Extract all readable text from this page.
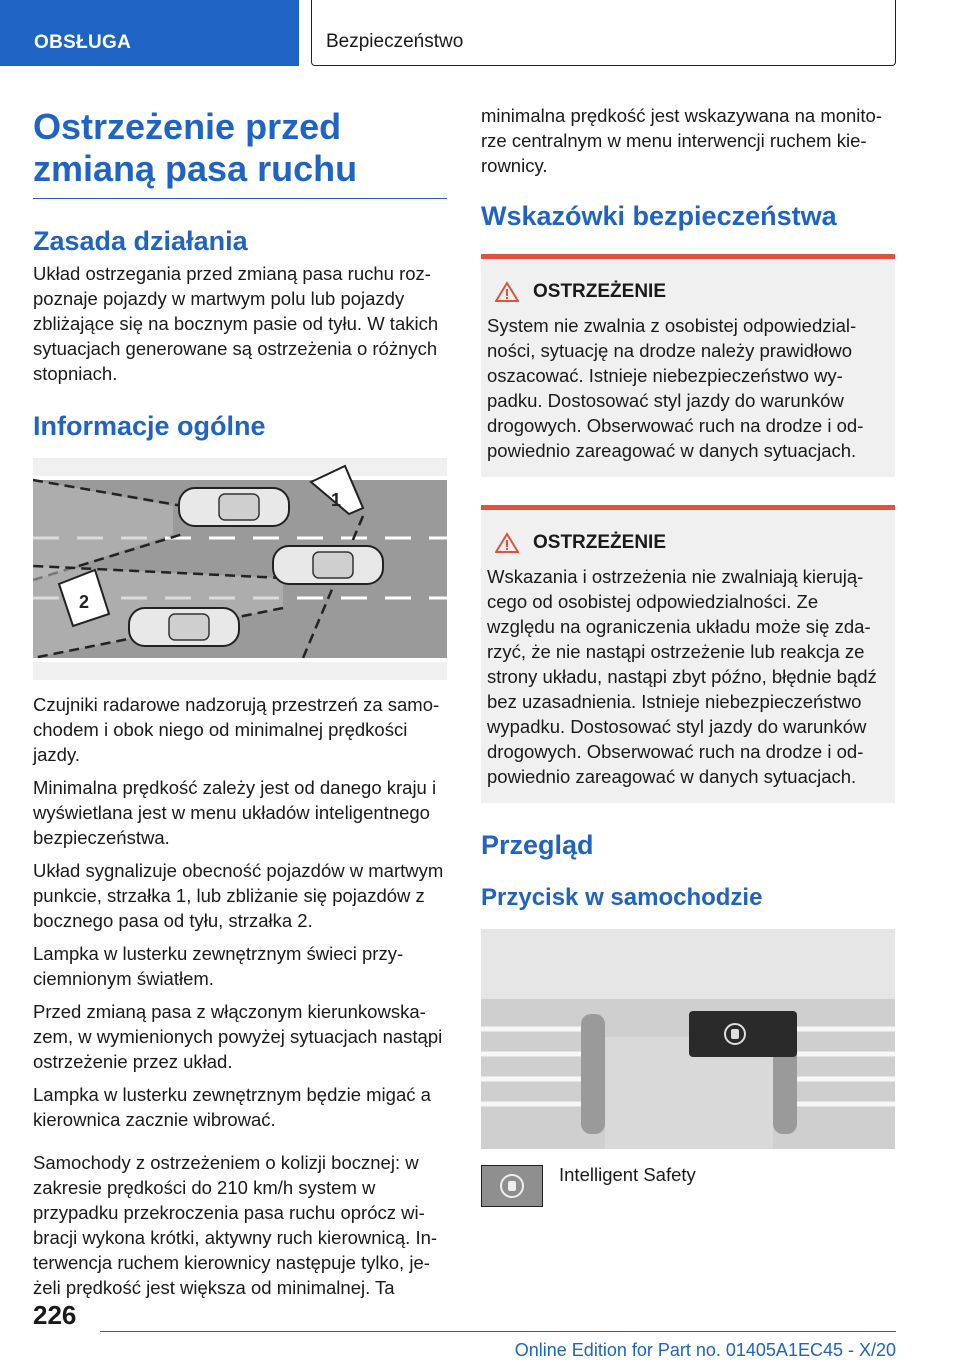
OBSŁUGA	Bezpieczeństwo
Ostrzeżenie przed zmianą pasa ruchu
Zasada działania

Układ ostrzegania przed zmianą pasa ruchu rozpoznaje pojazdy w martwym polu lub pojazdy zbliżające się na bocznym pasie od tyłu. W takich sytuacjach generowane są ostrzeżenia o różnych stopniach.

Informacje ogólne
1
2

Czujniki radarowe nadzorują przestrzeń za samochodem i obok niego od minimalnej prędkości jazdy.

Minimalna prędkość zależy jest od danego kraju i wyświetlana jest w menu układów inteligentnego bezpieczeństwa.

Układ sygnalizuje obecność pojazdów w martwym punkcie, strzałka 1, lub zbliżanie się pojazdów z bocznego pasa od tyłu, strzałka 2.

Lampka w lusterku zewnętrznym świeci przyciemnionym światłem.

Przed zmianą pasa z włączonym kierunkowskazem, w wymienionych powyżej sytuacjach nastąpi ostrzeżenie przez układ.

Lampka w lusterku zewnętrznym będzie migać a kierownica zacznie wibrować.

Samochody z ostrzeżeniem o kolizji bocznej: w zakresie prędkości do 210 km/h system w przypadku przekroczenia pasa ruchu oprócz wibracji wykona krótki, aktywny ruch kierownicą. Interwencja ruchem kierownicy następuje tylko, jeżeli prędkość jest większa od minimalnej. Ta

minimalna prędkość jest wskazywana na monitorze centralnym w menu interwencji ruchem kierownicy.

Wskazówki bezpieczeństwa
OSTRZEŻENIE

System nie zwalnia z osobistej odpowiedzialności, sytuację na drodze należy prawidłowo oszacować. Istnieje niebezpieczeństwo wypadku. Dostosować styl jazdy do warunków drogowych. Obserwować ruch na drodze i odpowiednio zareagować w danych sytuacjach.

OSTRZEŻENIE

Wskazania i ostrzeżenia nie zwalniają kierującego od osobistej odpowiedzialności. Ze względu na ograniczenia układu może się zdarzyć, że nie nastąpi ostrzeżenie lub reakcja ze strony układu, nastąpi zbyt późno, błędnie bądź bez uzasadnienia. Istnieje niebezpieczeństwo wypadku. Dostosować styl jazdy do warunków drogowych. Obserwować ruch na drodze i odpowiednio zareagować w danych sytuacjach.

Przegląd
Przycisk w samochodzie
Intelligent Safety
226
Online Edition for Part no. 01405A1EC45 - X/20
